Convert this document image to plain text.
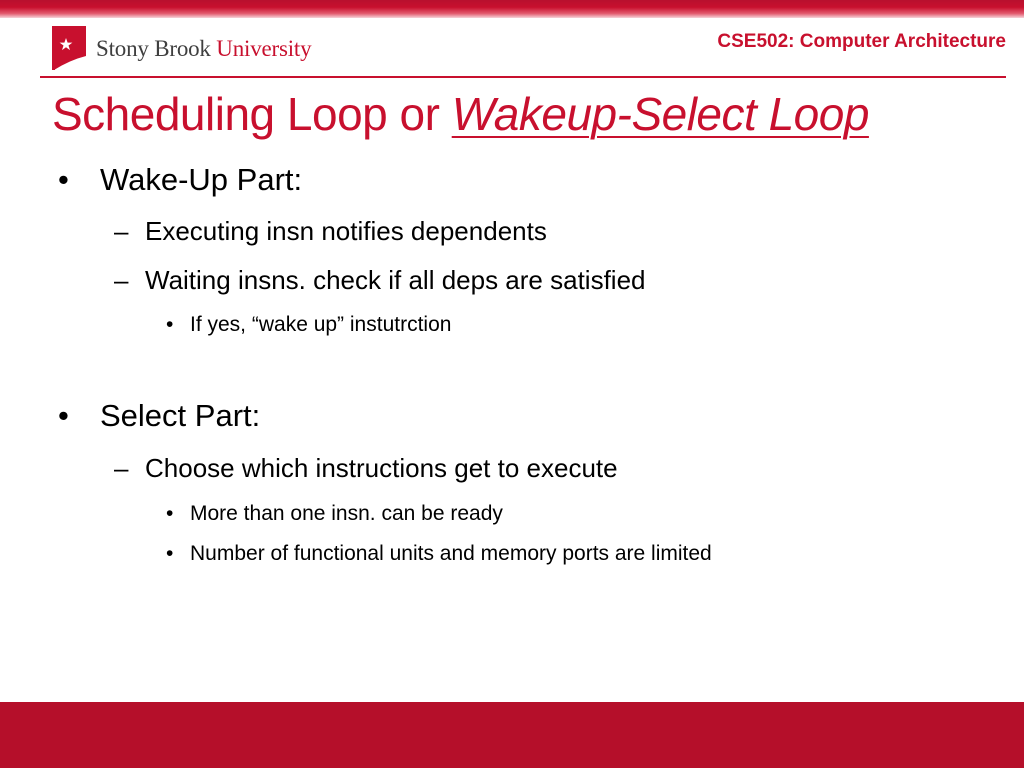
Stony Brook University	CSE502: Computer Architecture
Scheduling Loop or Wakeup-Select Loop
• Wake-Up Part:
– Executing insn notifies dependents
– Waiting insns. check if all deps are satisfied
• If yes, “wake up” instutrction
• Select Part:
– Choose which instructions get to execute
• More than one insn. can be ready
• Number of functional units and memory ports are limited
